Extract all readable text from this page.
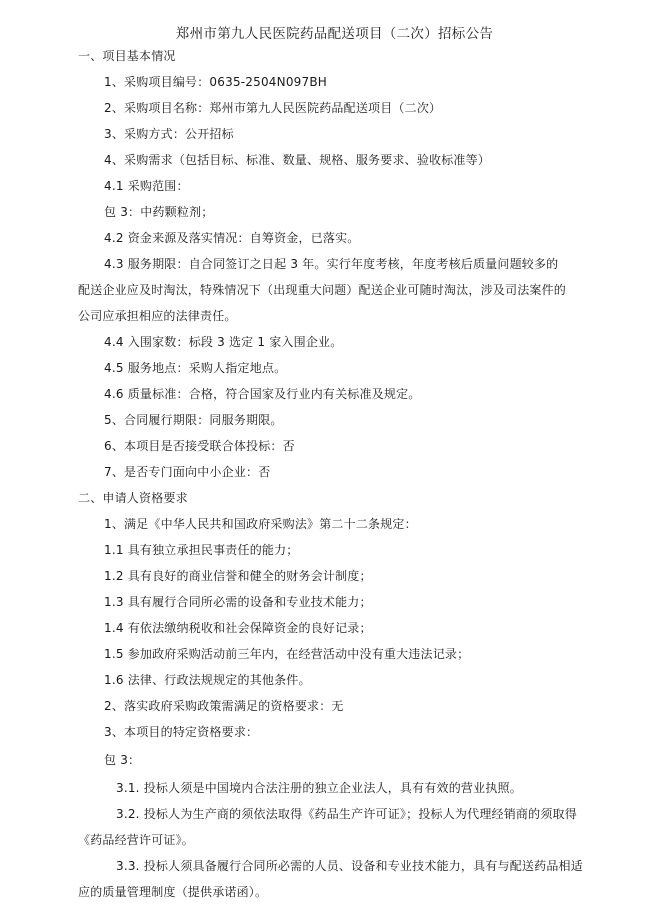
郑州市第九人民医院药品配送项目（二次）招标公告
一、项目基本情况
1、采购项目编号：0635-2504N097BH
2、采购项目名称：郑州市第九人民医院药品配送项目（二次）
3、采购方式：公开招标
4、采购需求（包括目标、标准、数量、规格、服务要求、验收标准等）
4.1 采购范围：
包 3：中药颗粒剂；
4.2 资金来源及落实情况：自筹资金，已落实。
4.3 服务期限：自合同签订之日起 3 年。实行年度考核，年度考核后质量问题较多的
配送企业应及时淘汰，特殊情况下（出现重大问题）配送企业可随时淘汰，涉及司法案件的
公司应承担相应的法律责任。
4.4 入围家数：标段 3 选定 1 家入围企业。
4.5 服务地点：采购人指定地点。
4.6 质量标准：合格，符合国家及行业内有关标准及规定。
5、合同履行期限：同服务期限。
6、本项目是否接受联合体投标：否
7、是否专门面向中小企业：否
二、申请人资格要求
1、满足《中华人民共和国政府采购法》第二十二条规定：
1.1 具有独立承担民事责任的能力；
1.2 具有良好的商业信誉和健全的财务会计制度；
1.3 具有履行合同所必需的设备和专业技术能力；
1.4 有依法缴纳税收和社会保障资金的良好记录；
1.5 参加政府采购活动前三年内，在经营活动中没有重大违法记录；
1.6 法律、行政法规规定的其他条件。
2、落实政府采购政策需满足的资格要求：无
3、本项目的特定资格要求：
包 3：
3.1. 投标人须是中国境内合法注册的独立企业法人，具有有效的营业执照。
3.2. 投标人为生产商的须依法取得《药品生产许可证》；投标人为代理经销商的须取得
《药品经营许可证》。
3.3. 投标人须具备履行合同所必需的人员、设备和专业技术能力，具有与配送药品相适
应的质量管理制度（提供承诺函）。
